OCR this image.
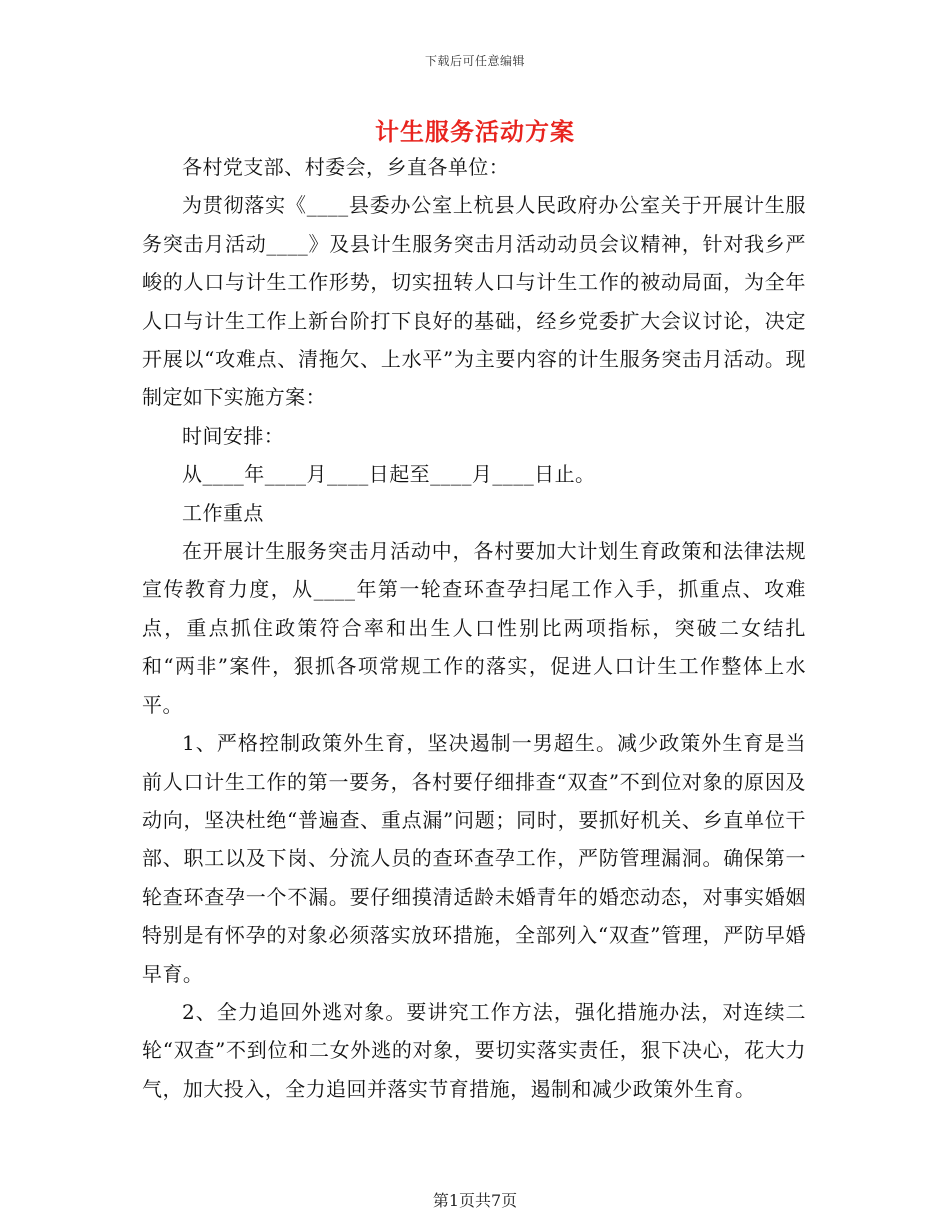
下载后可任意编辑
计生服务活动方案

各村党支部、村委会，乡直各单位：

为贯彻落实《____县委办公室上杭县人民政府办公室关于开展计生服务突击月活动____》及县计生服务突击月活动动员会议精神，针对我乡严峻的人口与计生工作形势，切实扭转人口与计生工作的被动局面，为全年人口与计生工作上新台阶打下良好的基础，经乡党委扩大会议讨论，决定开展以“攻难点、清拖欠、上水平”为主要内容的计生服务突击月活动。现制定如下实施方案：

时间安排：

从____年____月____日起至____月____日止。

工作重点

在开展计生服务突击月活动中，各村要加大计划生育政策和法律法规宣传教育力度，从____年第一轮查环查孕扫尾工作入手，抓重点、攻难点，重点抓住政策符合率和出生人口性别比两项指标，突破二女结扎和“两非”案件，狠抓各项常规工作的落实，促进人口计生工作整体上水平。

1、严格控制政策外生育，坚决遏制一男超生。减少政策外生育是当前人口计生工作的第一要务，各村要仔细排查“双查”不到位对象的原因及动向，坚决杜绝“普遍查、重点漏”问题；同时，要抓好机关、乡直单位干部、职工以及下岗、分流人员的查环查孕工作，严防管理漏洞。确保第一轮查环查孕一个不漏。要仔细摸清适龄未婚青年的婚恋动态，对事实婚姻特别是有怀孕的对象必须落实放环措施，全部列入“双查”管理，严防早婚早育。

2、全力追回外逃对象。要讲究工作方法，强化措施办法，对连续二轮“双查”不到位和二女外逃的对象，要切实落实责任，狠下决心，花大力气，加大投入，全力追回并落实节育措施，遏制和减少政策外生育。

第1页共7页
